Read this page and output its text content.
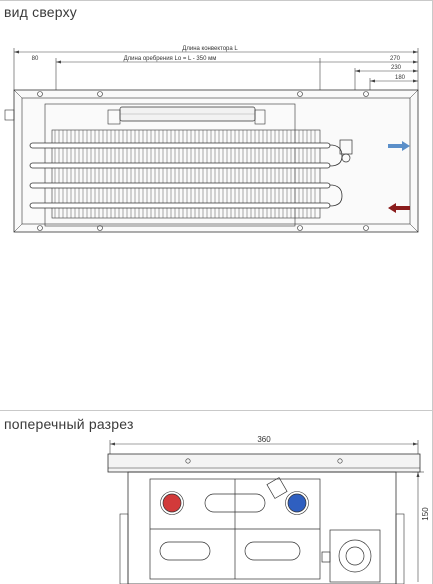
вид сверху
Длина конвектора L
Длина оребрения Lо = L - 350 мм
80	270
230
180
поперечный разрез
360
150
